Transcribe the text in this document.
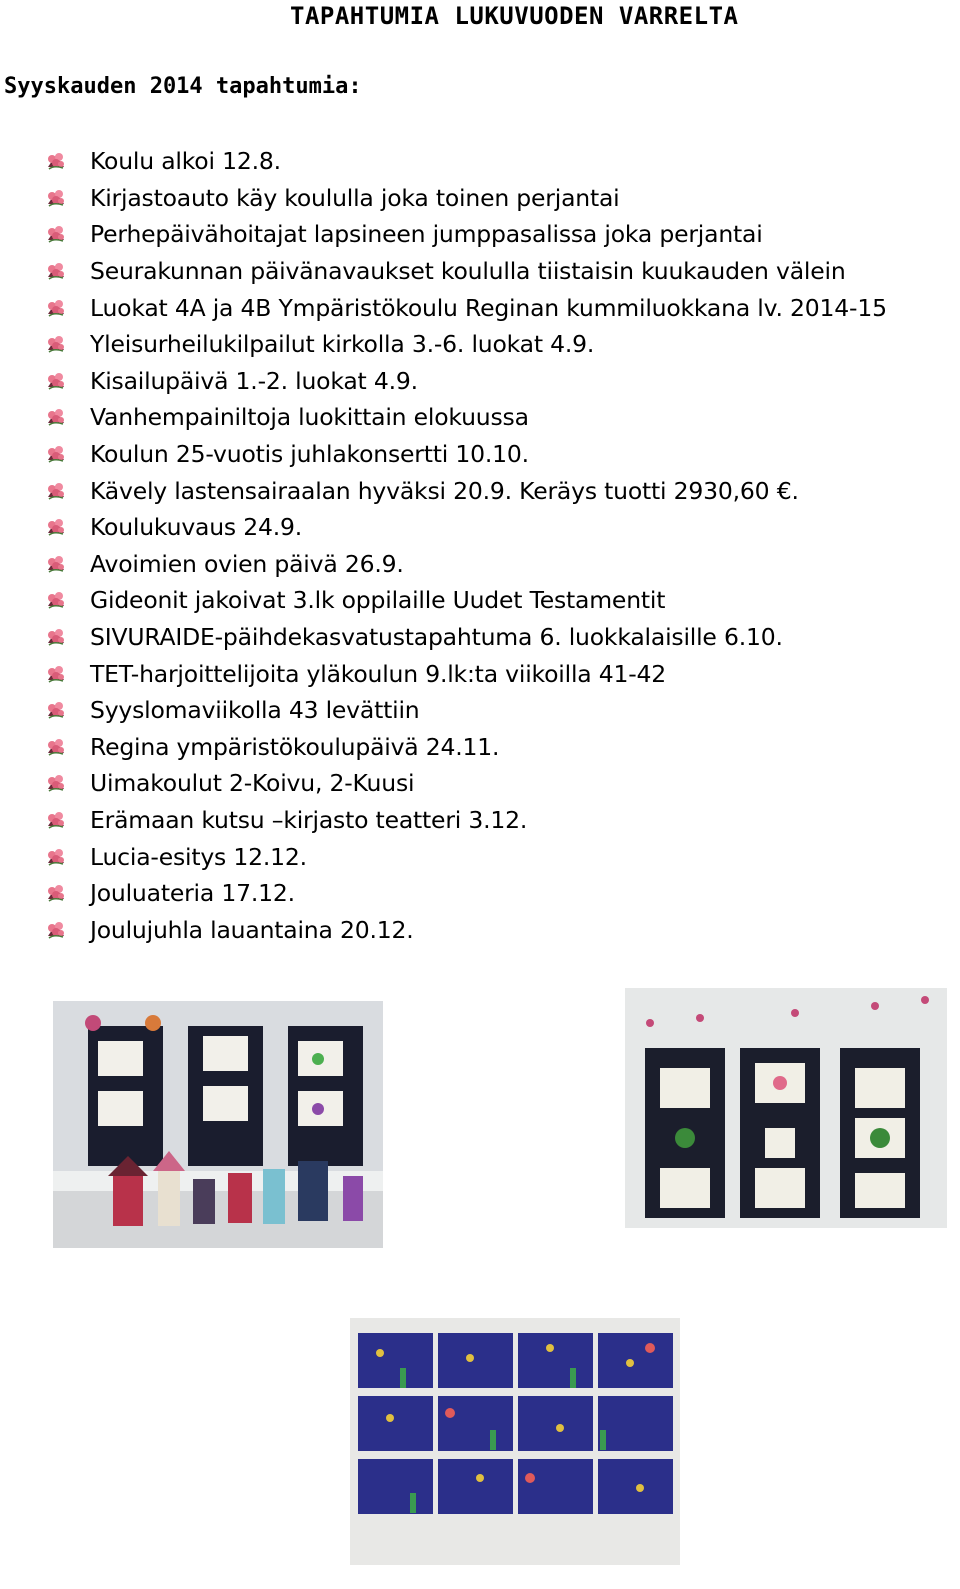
TAPAHTUMIA LUKUVUODEN VARRELTA
Syyskauden 2014 tapahtumia:
Koulu alkoi 12.8.
Kirjastoauto käy koululla joka toinen perjantai
Perhepäivähoitajat lapsineen jumppasalissa joka perjantai
Seurakunnan päivänavaukset koululla tiistaisin kuukauden välein
Luokat 4A ja 4B Ympäristökoulu Reginan kummiluokkana lv. 2014-15
Yleisurheilukilpailut kirkolla 3.-6. luokat 4.9.
Kisailupäivä 1.-2. luokat 4.9.
Vanhempainiltoja luokittain elokuussa
Koulun 25-vuotis juhlakonsertti 10.10.
Kävely lastensairaalan hyväksi 20.9. Keräys tuotti 2930,60 €.
Koulukuvaus 24.9.
Avoimien ovien päivä 26.9.
Gideonit jakoivat 3.lk oppilaille Uudet Testamentit
SIVURAIDE-päihdekasvatustapahtuma 6. luokkalaisille 6.10.
TET-harjoittelijoita yläkoulun 9.lk:ta viikoilla 41-42
Syyslomaviikolla 43 levättiin
Regina ympäristökoulupäivä 24.11.
Uimakoulut 2-Koivu, 2-Kuusi
Erämaan kutsu –kirjasto teatteri 3.12.
Lucia-esitys 12.12.
Jouluateria 17.12.
Joulujuhla lauantaina 20.12.
